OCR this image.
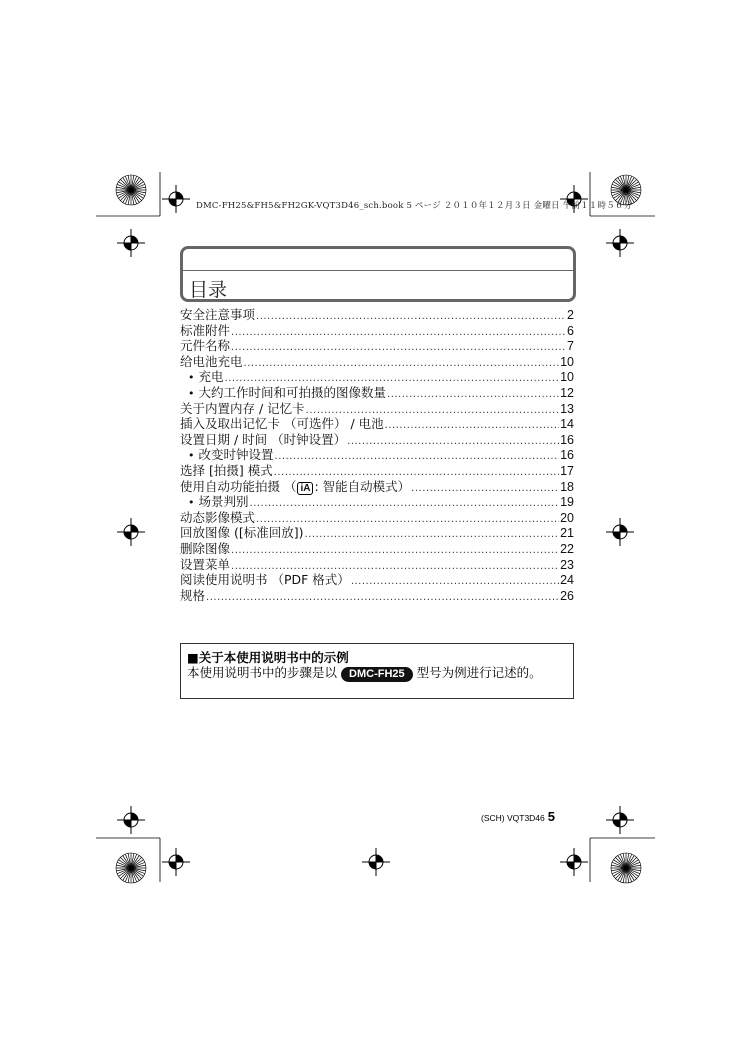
DMC-FH25&FH5&FH2GK-VQT3D46_sch.book 5 ページ ２０１０年１２月３日 金曜日 午前１１時５６分
目录
安全注意事项 .....	2
标准附件 .....	6
元件名称 .....	7
给电池充电 .....	10
• 充电 .....	10
• 大约工作时间和可拍摄的图像数量 .....	12
关于内置内存 / 记忆卡 .....	13
插入及取出记忆卡 （可选件） / 电池 .....	14
设置日期 / 时间 （时钟设置） .....	16
• 改变时钟设置 .....	16
选择 [拍摄] 模式 .....	17
使用自动功能拍摄 （ iA : 智能自动模式） .....	18
• 场景判别 .....	19
动态影像模式 .....	20
回放图像 ([标准回放]) .....	21
删除图像 .....	22
设置菜单 .....	23
阅读使用说明书 （PDF 格式） .....	24
规格 .....	26
■关于本使用说明书中的示例
本使用说明书中的步骤是以 DMC-FH25 型号为例进行记述的。
(SCH) VQT3D46 5
